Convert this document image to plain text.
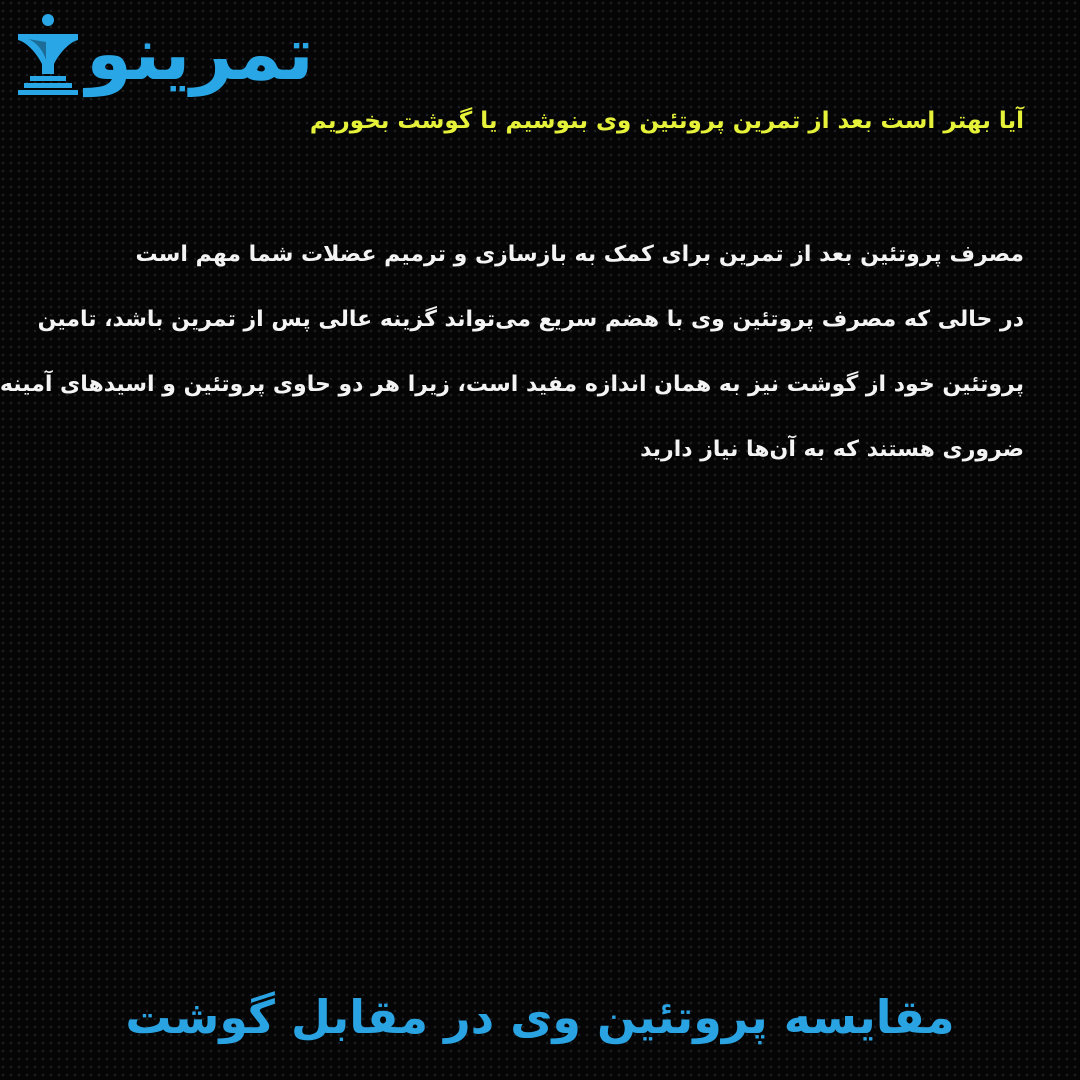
تمرینو
آیا بهتر است بعد از تمرین پروتئین وی بنوشیم یا گوشت بخوریم
مصرف پروتئین بعد از تمرین برای کمک به بازسازی و ترمیم عضلات شما مهم است
در حالی که مصرف پروتئین وی با هضم سریع می‌تواند گزینه عالی پس از تمرین باشد، تامین
پروتئین خود از گوشت نیز به همان اندازه مفید است، زیرا هر دو حاوی پروتئین و اسیدهای آمینه
ضروری هستند که به آن‌ها نیاز دارید
مقایسه پروتئین وی در مقابل گوشت
